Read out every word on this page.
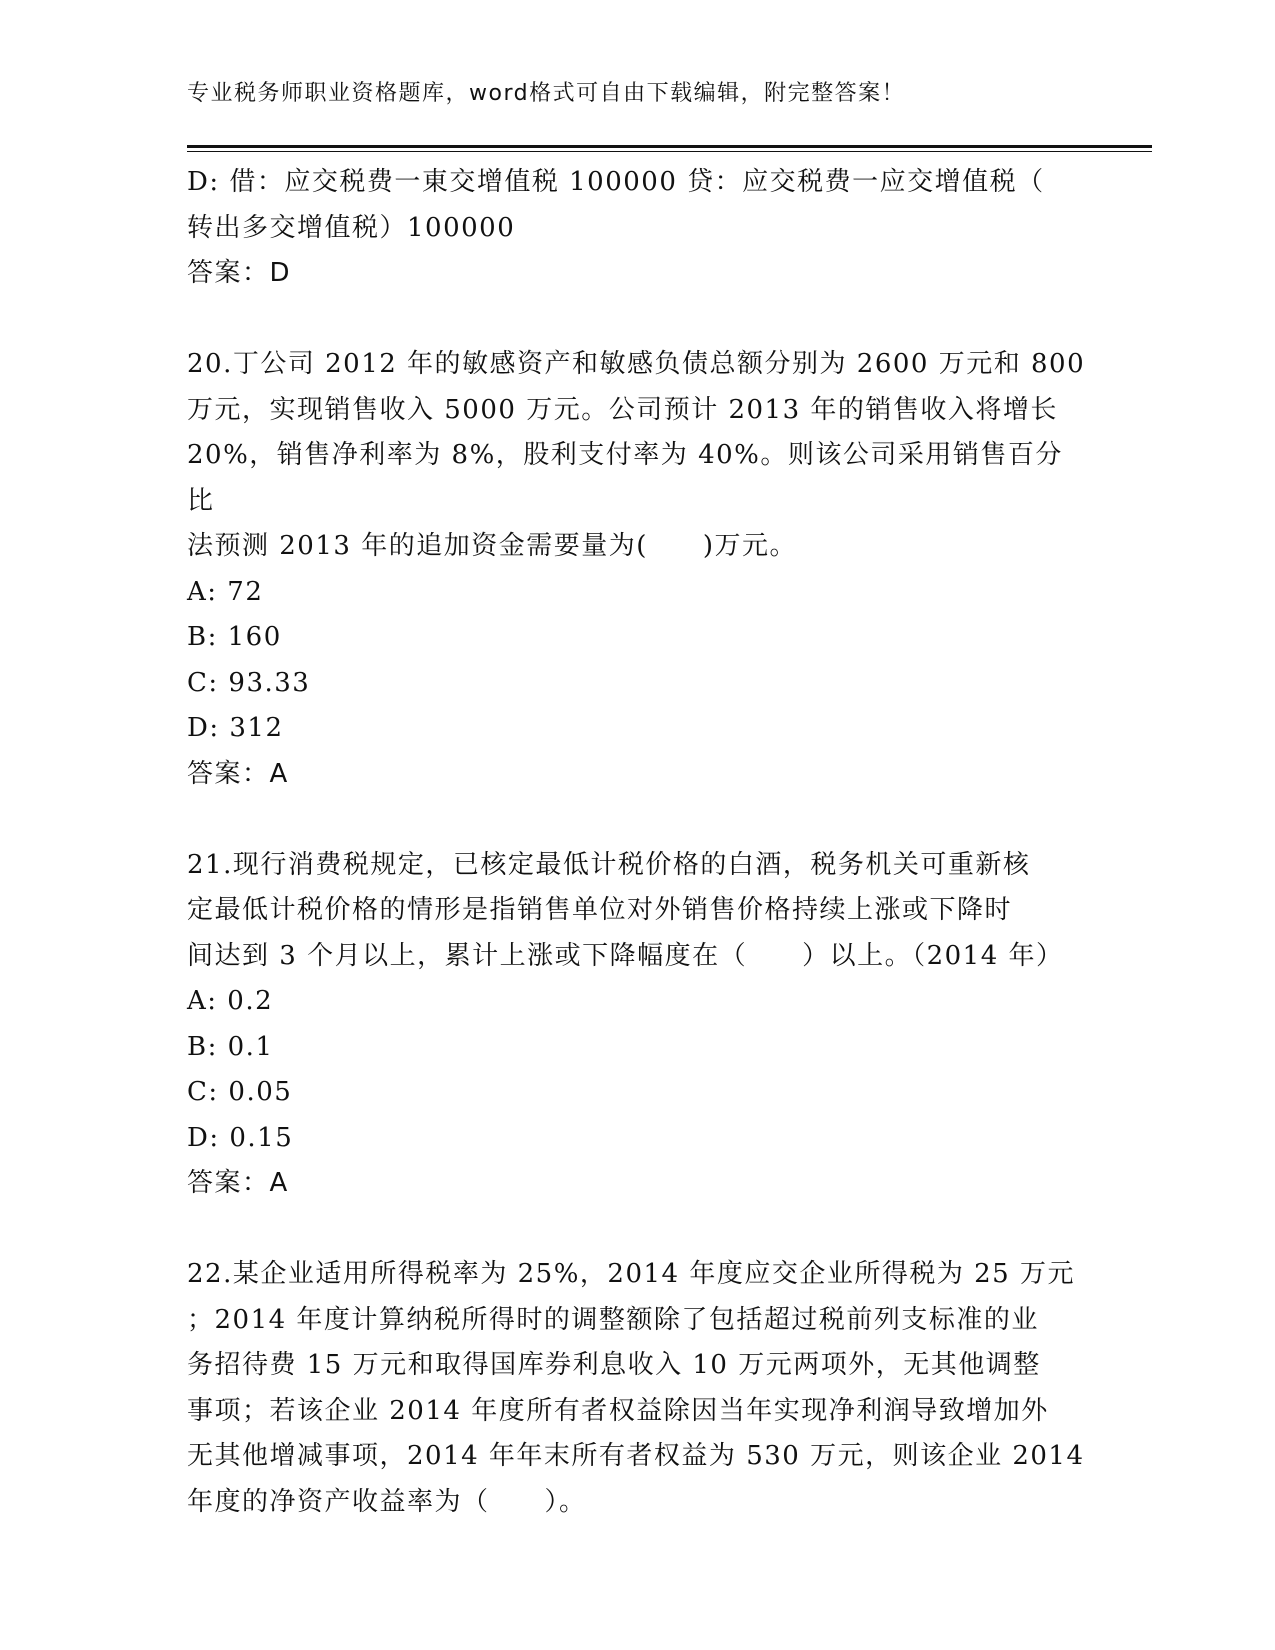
专业税务师职业资格题库，word格式可自由下载编辑，附完整答案！

D: 借：应交税费一東交增值税 100000 贷：应交税费一应交增值税（

转出多交增值税）100000

答案：D

20.丁公司 2012 年的敏感资产和敏感负债总额分别为 2600 万元和 800

万元，实现销售收入 5000 万元。公司预计 2013 年的销售收入将增长

20%，销售净利率为 8%，股利支付率为 40%。则该公司采用销售百分比

法预测 2013 年的追加资金需要量为(　　)万元。

A: 72

B: 160

C: 93.33

D: 312

答案：A

21.现行消费税规定，已核定最低计税价格的白酒，税务机关可重新核

定最低计税价格的情形是指销售单位对外销售价格持续上涨或下降时

间达到 3 个月以上，累计上涨或下降幅度在（　　）以上。（2014 年）

A: 0.2

B: 0.1

C: 0.05

D: 0.15

答案：A

22.某企业适用所得税率为 25%，2014 年度应交企业所得税为 25 万元

；2014 年度计算纳税所得时的调整额除了包括超过税前列支标准的业

务招待费 15 万元和取得国库券利息收入 10 万元两项外，无其他调整

事项；若该企业 2014 年度所有者权益除因当年实现净利润导致增加外

无其他增减事项，2014 年年末所有者权益为 530 万元，则该企业 2014

年度的净资产收益率为（　　）。
